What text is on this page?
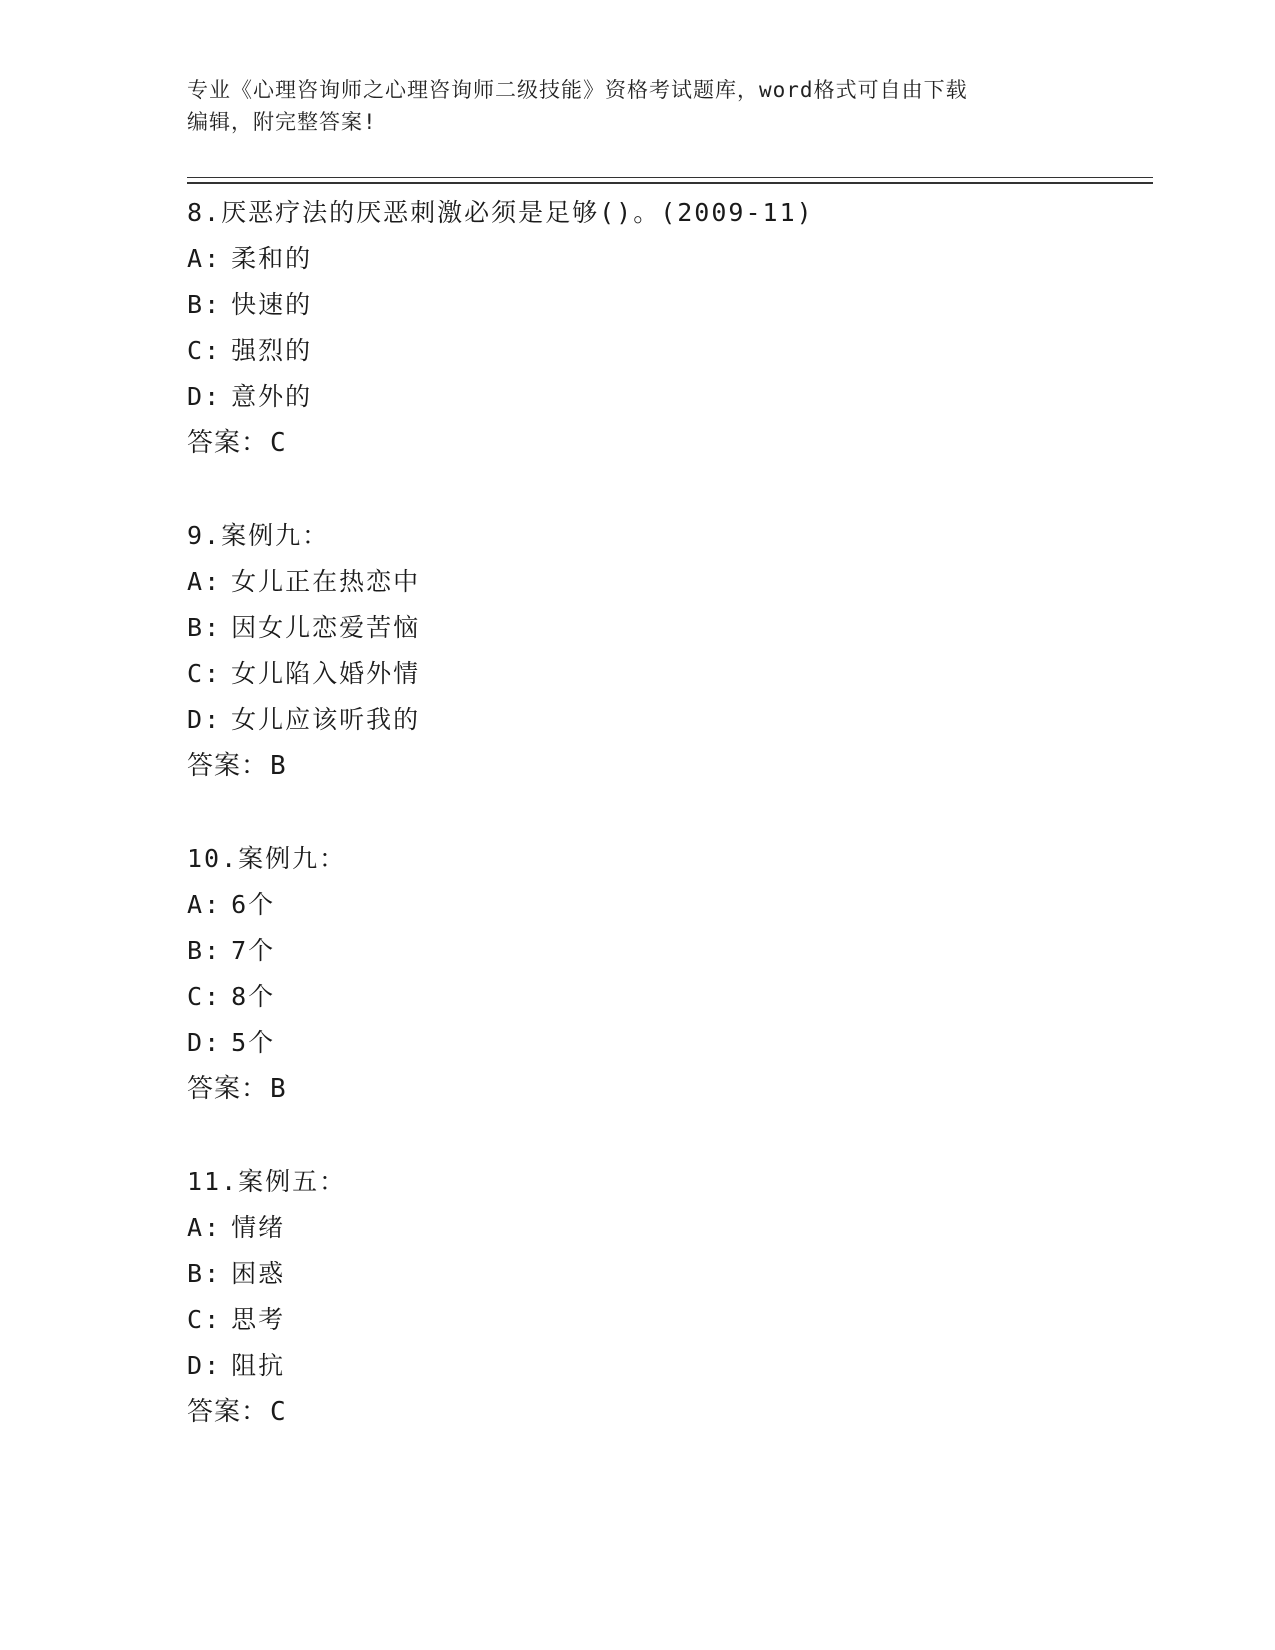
专业《心理咨询师之心理咨询师二级技能》资格考试题库，word格式可自由下载
编辑，附完整答案!
8.厌恶疗法的厌恶刺激必须是足够()。(2009-11)
A: 柔和的
B: 快速的
C: 强烈的
D: 意外的
答案：C
9.案例九：
A: 女儿正在热恋中
B: 因女儿恋爱苦恼
C: 女儿陷入婚外情
D: 女儿应该听我的
答案：B
10.案例九：
A: 6个
B: 7个
C: 8个
D: 5个
答案：B
11.案例五：
A: 情绪
B: 困惑
C: 思考
D: 阻抗
答案：C
